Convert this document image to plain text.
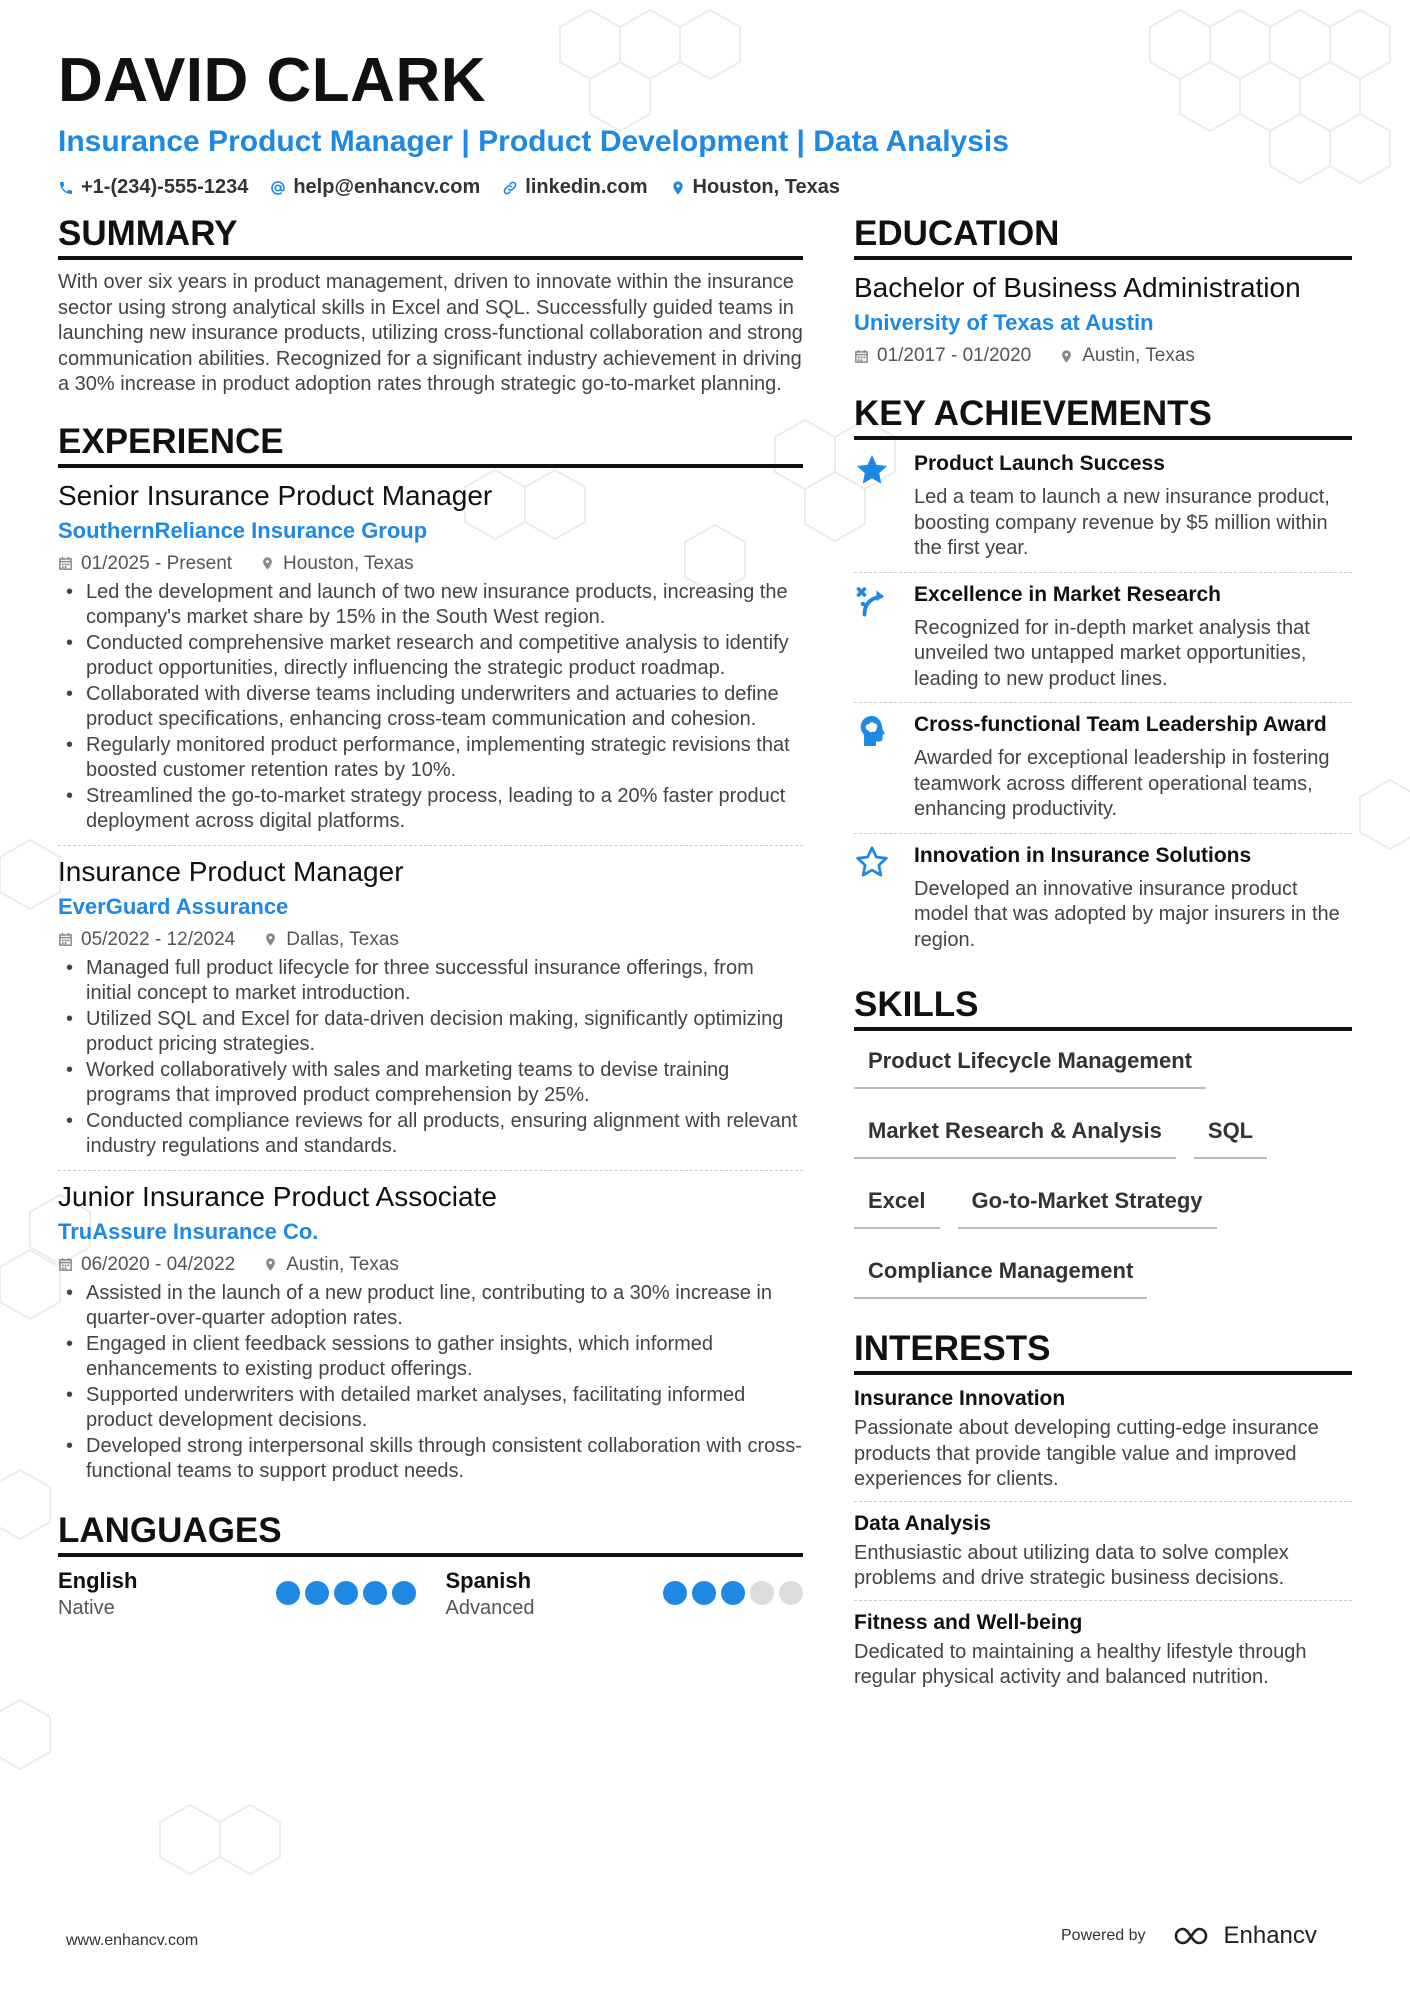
DAVID CLARK
Insurance Product Manager | Product Development | Data Analysis
+1-(234)-555-1234 help@enhancv.com linkedin.com Houston, Texas
SUMMARY
With over six years in product management, driven to innovate within the insurance sector using strong analytical skills in Excel and SQL. Successfully guided teams in launching new insurance products, utilizing cross-functional collaboration and strong communication abilities. Recognized for a significant industry achievement in driving a 30% increase in product adoption rates through strategic go-to-market planning.
EXPERIENCE
Senior Insurance Product Manager
SouthernReliance Insurance Group
01/2025 - Present	Houston, Texas
• Led the development and launch of two new insurance products, increasing the company's market share by 15% in the South West region.
• Conducted comprehensive market research and competitive analysis to identify product opportunities, directly influencing the strategic product roadmap.
• Collaborated with diverse teams including underwriters and actuaries to define product specifications, enhancing cross-team communication and cohesion.
• Regularly monitored product performance, implementing strategic revisions that boosted customer retention rates by 10%.
• Streamlined the go-to-market strategy process, leading to a 20% faster product deployment across digital platforms.
Insurance Product Manager
EverGuard Assurance
05/2022 - 12/2024	Dallas, Texas
• Managed full product lifecycle for three successful insurance offerings, from initial concept to market introduction.
• Utilized SQL and Excel for data-driven decision making, significantly optimizing product pricing strategies.
• Worked collaboratively with sales and marketing teams to devise training programs that improved product comprehension by 25%.
• Conducted compliance reviews for all products, ensuring alignment with relevant industry regulations and standards.
Junior Insurance Product Associate
TruAssure Insurance Co.
06/2020 - 04/2022	Austin, Texas
• Assisted in the launch of a new product line, contributing to a 30% increase in quarter-over-quarter adoption rates.
• Engaged in client feedback sessions to gather insights, which informed enhancements to existing product offerings.
• Supported underwriters with detailed market analyses, facilitating informed product development decisions.
• Developed strong interpersonal skills through consistent collaboration with cross-functional teams to support product needs.
LANGUAGES
English
Native
Spanish
Advanced
EDUCATION
Bachelor of Business Administration
University of Texas at Austin
01/2017 - 01/2020	Austin, Texas
KEY ACHIEVEMENTS
Product Launch Success
Led a team to launch a new insurance product, boosting company revenue by $5 million within the first year.
Excellence in Market Research
Recognized for in-depth market analysis that unveiled two untapped market opportunities, leading to new product lines.
Cross-functional Team Leadership Award
Awarded for exceptional leadership in fostering teamwork across different operational teams, enhancing productivity.
Innovation in Insurance Solutions
Developed an innovative insurance product model that was adopted by major insurers in the region.
SKILLS
Product Lifecycle Management
Market Research & Analysis	SQL
Excel	Go-to-Market Strategy
Compliance Management
INTERESTS
Insurance Innovation
Passionate about developing cutting-edge insurance products that provide tangible value and improved experiences for clients.
Data Analysis
Enthusiastic about utilizing data to solve complex problems and drive strategic business decisions.
Fitness and Well-being
Dedicated to maintaining a healthy lifestyle through regular physical activity and balanced nutrition.
www.enhancv.com	Powered by	Enhancv
